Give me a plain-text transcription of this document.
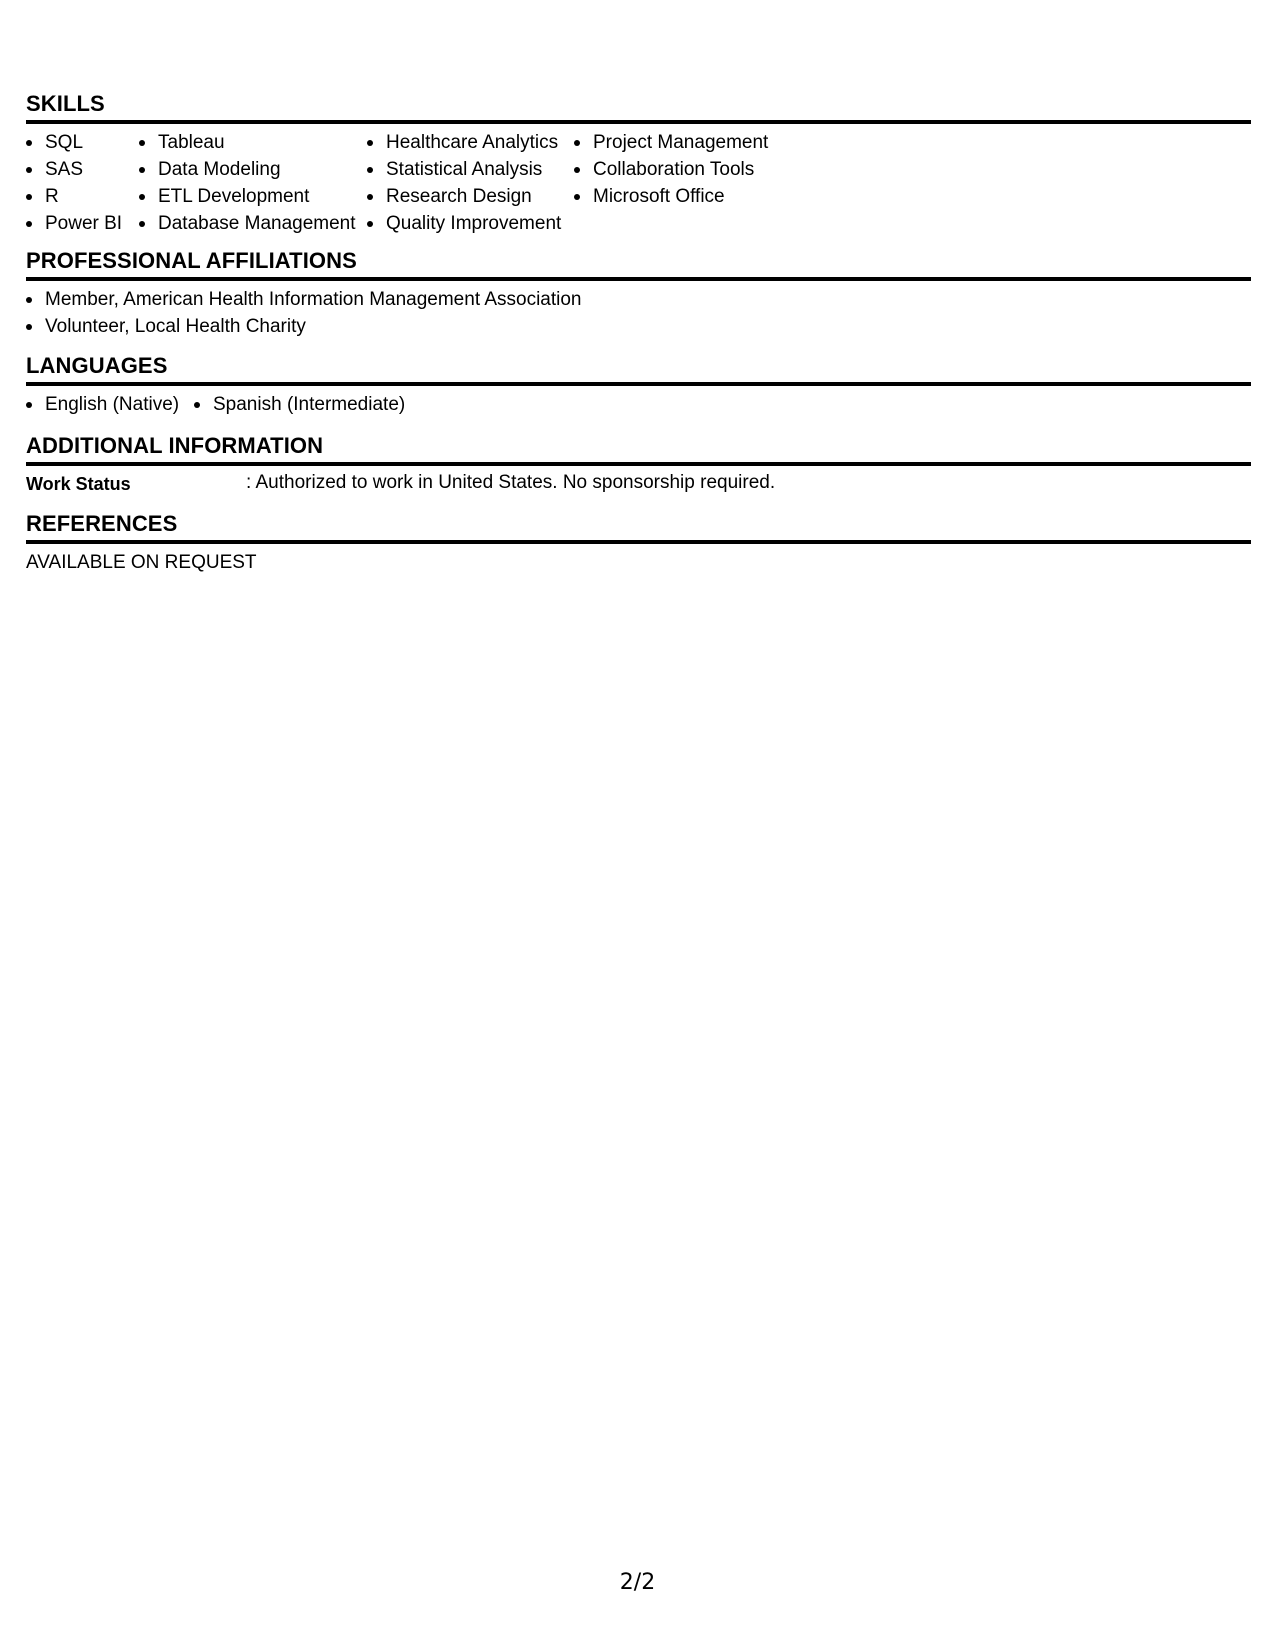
SKILLS
SQL
SAS
R
Power BI
Tableau
Data Modeling
ETL Development
Database Management
Healthcare Analytics
Statistical Analysis
Research Design
Quality Improvement
Project Management
Collaboration Tools
Microsoft Office
PROFESSIONAL AFFILIATIONS
Member, American Health Information Management Association
Volunteer, Local Health Charity
LANGUAGES
English (Native)	Spanish (Intermediate)
ADDITIONAL INFORMATION
Work Status	: Authorized to work in United States. No sponsorship required.
REFERENCES
AVAILABLE ON REQUEST
2/2
